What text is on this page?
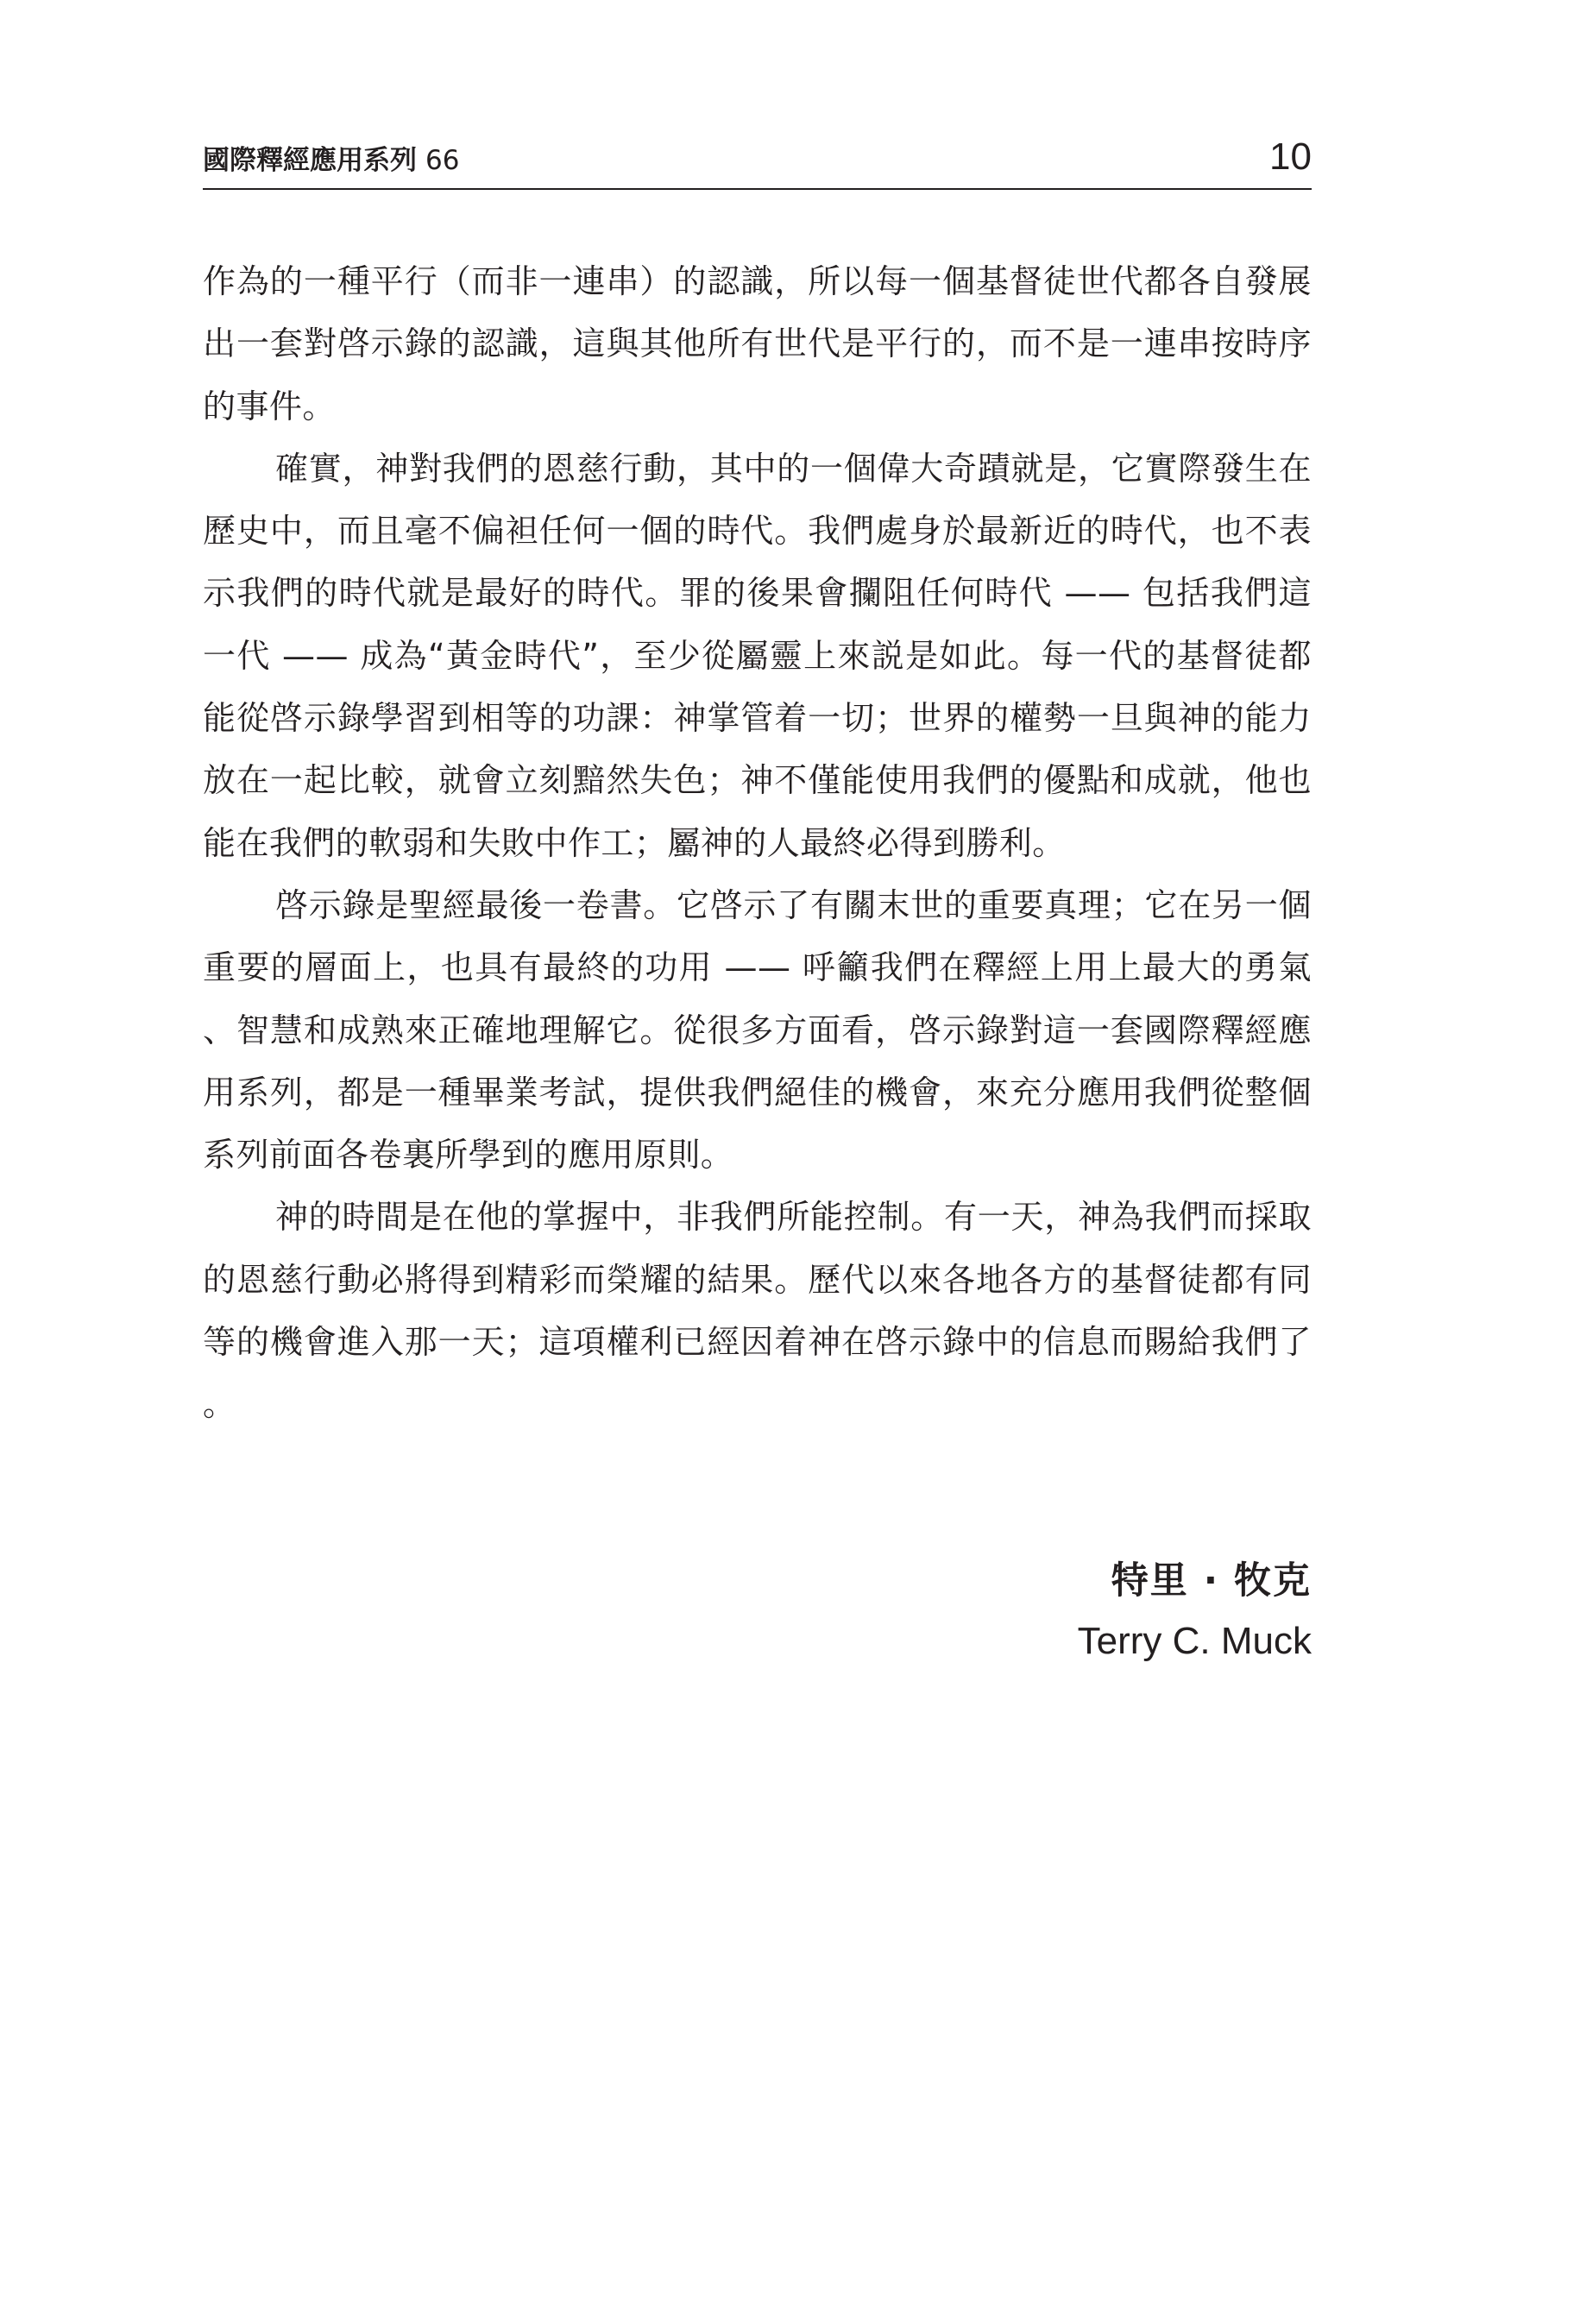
國際釋經應用系列 66	10

作為的一種平行（而非一連串）的認識，所以每一個基督徒世代都各自發展出一套對啓示錄的認識，這與其他所有世代是平行的，而不是一連串按時序的事件。

確實，神對我們的恩慈行動，其中的一個偉大奇蹟就是，它實際發生在歷史中，而且毫不偏袒任何一個的時代。我們處身於最新近的時代，也不表示我們的時代就是最好的時代。罪的後果會攔阻任何時代 —— 包括我們這一代 —— 成為“黃金時代”，至少從屬靈上來説是如此。每一代的基督徒都能從啓示錄學習到相等的功課：神掌管着一切；世界的權勢一旦與神的能力放在一起比較，就會立刻黯然失色；神不僅能使用我們的優點和成就，他也能在我們的軟弱和失敗中作工；屬神的人最終必得到勝利。

啓示錄是聖經最後一卷書。它啓示了有關末世的重要真理；它在另一個重要的層面上，也具有最終的功用 —— 呼籲我們在釋經上用上最大的勇氣、智慧和成熟來正確地理解它。從很多方面看，啓示錄對這一套國際釋經應用系列，都是一種畢業考試，提供我們絕佳的機會，來充分應用我們從整個系列前面各卷裏所學到的應用原則。

神的時間是在他的掌握中，非我們所能控制。有一天，神為我們而採取的恩慈行動必將得到精彩而榮耀的結果。歷代以來各地各方的基督徒都有同等的機會進入那一天；這項權利已經因着神在啓示錄中的信息而賜給我們了。

特里 · 牧克
Terry C. Muck
